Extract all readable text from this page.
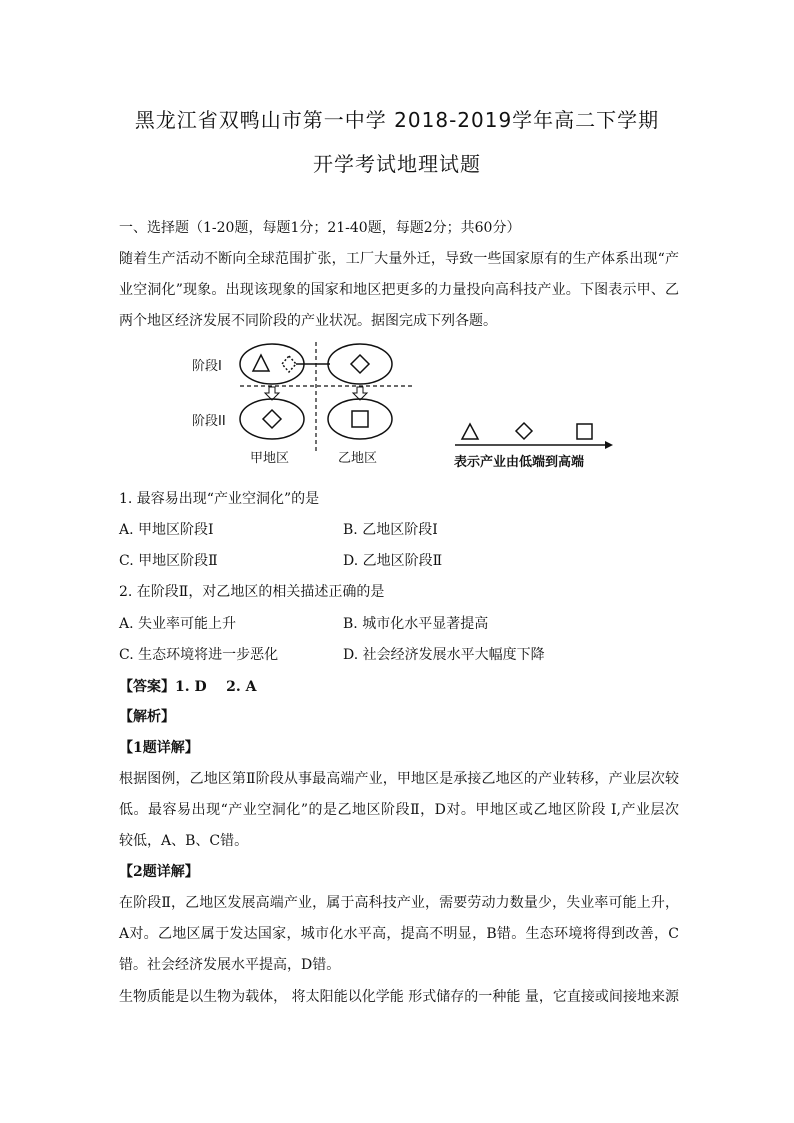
黑龙江省双鸭山市第一中学 2018-2019学年高二下学期
开学考试地理试题
一、选择题（1-20题，每题1分；21-40题，每题2分；共60分）
随着生产活动不断向全球范围扩张，工厂大量外迁，导致一些国家原有的生产体系出现“产
业空洞化”现象。出现该现象的国家和地区把更多的力量投向高科技产业。下图表示甲、乙
两个地区经济发展不同阶段的产业状况。据图完成下列各题。
阶段I
阶段II
甲地区	乙地区	表示产业由低端到高端
1. 最容易出现“产业空洞化”的是
A. 甲地区阶段Ⅰ	B. 乙地区阶段Ⅰ
C. 甲地区阶段Ⅱ	D. 乙地区阶段Ⅱ
2. 在阶段Ⅱ，对乙地区的相关描述正确的是
A. 失业率可能上升	B. 城市化水平显著提高
C. 生态环境将进一步恶化	D. 社会经济发展水平大幅度下降
【答案】1. D    2. A
【解析】
【1题详解】
根据图例，乙地区第Ⅱ阶段从事最高端产业，甲地区是承接乙地区的产业转移，产业层次较
低。最容易出现“产业空洞化”的是乙地区阶段Ⅱ，D对。甲地区或乙地区阶段 I,产业层次
较低，A、B、C错。
【2题详解】
在阶段Ⅱ，乙地区发展高端产业，属于高科技产业，需要劳动力数量少，失业率可能上升，
A对。乙地区属于发达国家，城市化水平高，提高不明显，B错。生态环境将得到改善，C
错。社会经济发展水平提高，D错。
生物质能是以生物为载体， 将太阳能以化学能 形式储存的一种能 量，它直接或间接地来源
